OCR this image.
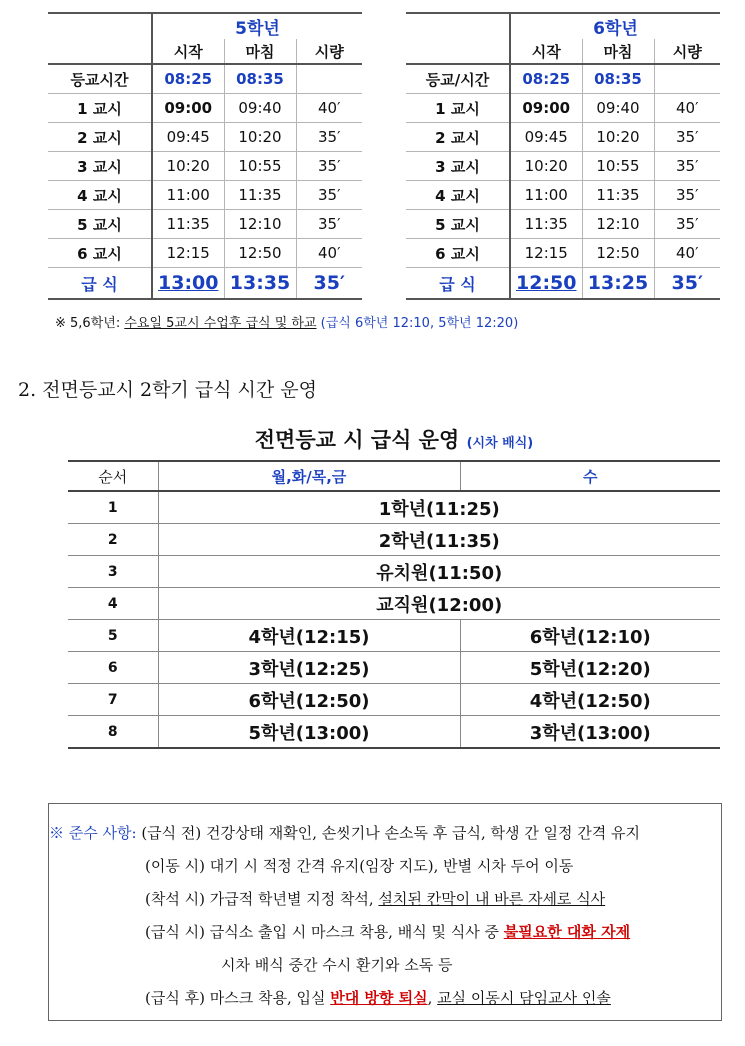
	5학년		
	시작	마침	시량
등교시간	08:25	08:35	
1 교시	09:00	09:40	40′
2 교시	09:45	10:20	35′
3 교시	10:20	10:55	35′
4 교시	11:00	11:35	35′
5 교시	11:35	12:10	35′
6 교시	12:15	12:50	40′
급 식	13:00	13:35	35′
	6학년		
	시작	마침	시량
등교/시간	08:25	08:35	
1 교시	09:00	09:40	40′
2 교시	09:45	10:20	35′
3 교시	10:20	10:55	35′
4 교시	11:00	11:35	35′
5 교시	11:35	12:10	35′
6 교시	12:15	12:50	40′
급 식	12:50	13:25	35′
※ 5,6학년: 수요일 5교시 수업후 급식 및 하교 (급식 6학년 12:10, 5학년 12:20)
2. 전면등교시 2학기 급식 시간 운영
전면등교 시 급식 운영 (시차 배식)
순서	월,화/목,금	수
1	1학년(11:25)	
2	2학년(11:35)	
3	유치원(11:50)	
4	교직원(12:00)	
5	4학년(12:15)	6학년(12:10)
6	3학년(12:25)	5학년(12:20)
7	6학년(12:50)	4학년(12:50)
8	5학년(13:00)	3학년(13:00)
※ 준수 사항: (급식 전) 건강상태 재확인, 손씻기나 손소독 후 급식, 학생 간 일정 간격 유지
(이동 시) 대기 시 적정 간격 유지(임장 지도), 반별 시차 두어 이동
(착석 시) 가급적 학년별 지정 착석, 설치된 칸막이 내 바른 자세로 식사
(급식 시) 급식소 출입 시 마스크 착용, 배식 및 식사 중 불필요한 대화 자제
시차 배식 중간 수시 환기와 소독 등
(급식 후) 마스크 착용, 입실 반대 방향 퇴실, 교실 이동시 담임교사 인솔
